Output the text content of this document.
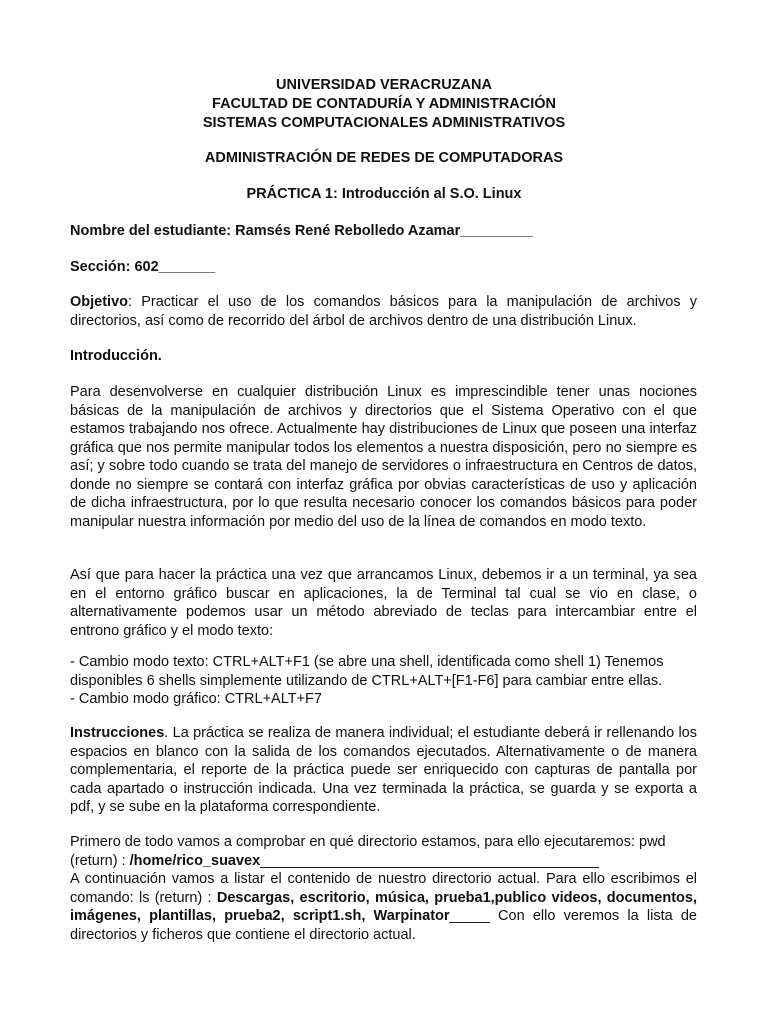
UNIVERSIDAD VERACRUZANA
FACULTAD DE CONTADURÍA Y ADMINISTRACIÓN
SISTEMAS COMPUTACIONALES ADMINISTRATIVOS
ADMINISTRACIÓN DE REDES DE COMPUTADORAS
PRÁCTICA 1: Introducción al S.O. Linux
Nombre del estudiante: Ramsés René Rebolledo Azamar_________
Sección: 602_______
Objetivo: Practicar el uso de los comandos básicos para la manipulación de archivos y directorios, así como de recorrido del árbol de archivos dentro de una distribución Linux.
Introducción.
Para desenvolverse en cualquier distribución Linux es imprescindible tener unas nociones básicas de la manipulación de archivos y directorios que el Sistema Operativo con el que estamos trabajando nos ofrece. Actualmente hay distribuciones de Linux que poseen una interfaz gráfica que nos permite manipular todos los elementos a nuestra disposición, pero no siempre es así; y sobre todo cuando se trata del manejo de servidores o infraestructura en Centros de datos, donde no siempre se contará con interfaz gráfica por obvias características de uso y aplicación de dicha infraestructura, por lo que resulta necesario conocer los comandos básicos para poder manipular nuestra información por medio del uso de la línea de comandos en modo texto.
Así que para hacer la práctica una vez que arrancamos Linux, debemos ir a un terminal, ya sea en el entorno gráfico buscar en aplicaciones, la de Terminal tal cual se vio en clase, o alternativamente podemos usar un método abreviado de teclas para intercambiar entre el entrono gráfico y el modo texto:
- Cambio modo texto: CTRL+ALT+F1 (se abre una shell, identificada como shell 1) Tenemos
disponibles 6 shells simplemente utilizando de CTRL+ALT+[F1-F6] para cambiar entre ellas.
- Cambio modo gráfico: CTRL+ALT+F7
Instrucciones. La práctica se realiza de manera individual; el estudiante deberá ir rellenando los espacios en blanco con la salida de los comandos ejecutados. Alternativamente o de manera complementaria, el reporte de la práctica puede ser enriquecido con capturas de pantalla por cada apartado o instrucción indicada. Una vez terminada la práctica, se guarda y se exporta a pdf, y se sube en la plataforma correspondiente.
Primero de todo vamos a comprobar en qué directorio estamos, para ello ejecutaremos: pwd
(return) : /home/rico_suavex__________________________________________
A continuación vamos a listar el contenido de nuestro directorio actual. Para ello escribimos el comando: ls (return) : Descargas, escritorio, música, prueba1,publico videos, documentos, imágenes, plantillas, prueba2, script1.sh, Warpinator_____ Con ello veremos la lista de directorios y ficheros que contiene el directorio actual.
